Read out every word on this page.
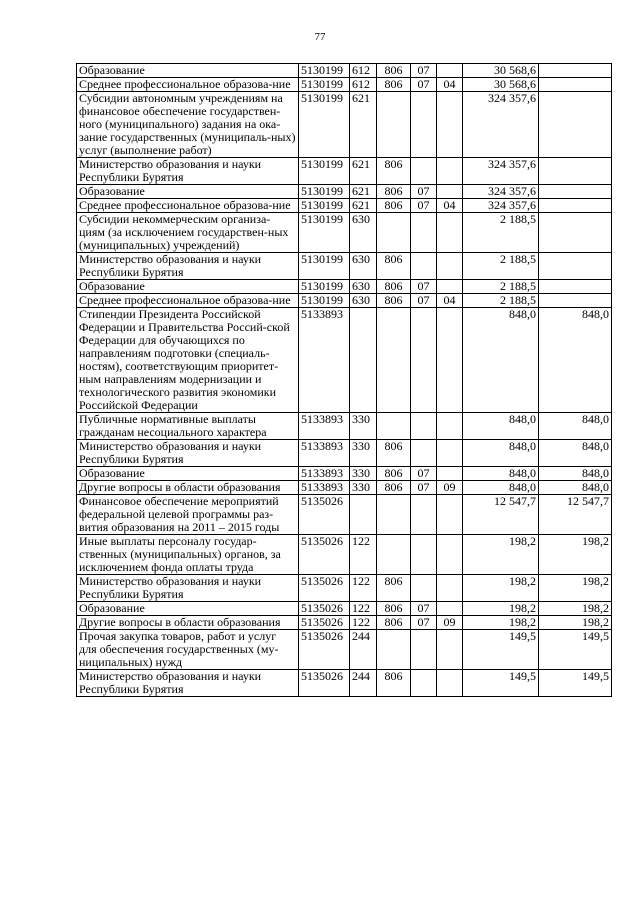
77
Образование	5130199	612	806	07		30 568,6	
Среднее профессиональное образова-ние	5130199	612	806	07	04	30 568,6	
Субсидии автономным учреждениям на финансовое обеспечение государствен-ного (муниципального) задания на ока-зание государственных (муниципаль-ных) услуг (выполнение работ)	5130199	621				324 357,6	
Министерство образования и науки Республики Бурятия	5130199	621	806			324 357,6	
Образование	5130199	621	806	07		324 357,6	
Среднее профессиональное образова-ние	5130199	621	806	07	04	324 357,6	
Субсидии некоммерческим организа-циям (за исключением государствен-ных (муниципальных) учреждений)	5130199	630				2 188,5	
Министерство образования и науки Республики Бурятия	5130199	630	806			2 188,5	
Образование	5130199	630	806	07		2 188,5	
Среднее профессиональное образова-ние	5130199	630	806	07	04	2 188,5	
Стипендии Президента Российской Федерации и Правительства Россий-ской Федерации для обучающихся по направлениям подготовки (специаль-ностям), соответствующим приоритет-ным направлениям модернизации и технологического развития экономики Российской Федерации	5133893					848,0	848,0
Публичные нормативные выплаты гражданам несоциального характера	5133893	330				848,0	848,0
Министерство образования и науки Республики Бурятия	5133893	330	806			848,0	848,0
Образование	5133893	330	806	07		848,0	848,0
Другие вопросы в области образования	5133893	330	806	07	09	848,0	848,0
Финансовое обеспечение мероприятий федеральной целевой программы раз-вития образования на 2011 – 2015 годы	5135026					12 547,7	12 547,7
Иные выплаты персоналу государ-ственных (муниципальных) органов, за исключением фонда оплаты труда	5135026	122				198,2	198,2
Министерство образования и науки Республики Бурятия	5135026	122	806			198,2	198,2
Образование	5135026	122	806	07		198,2	198,2
Другие вопросы в области образования	5135026	122	806	07	09	198,2	198,2
Прочая закупка товаров, работ и услуг для обеспечения государственных (му-ниципальных) нужд	5135026	244				149,5	149,5
Министерство образования и науки Республики Бурятия	5135026	244	806			149,5	149,5
